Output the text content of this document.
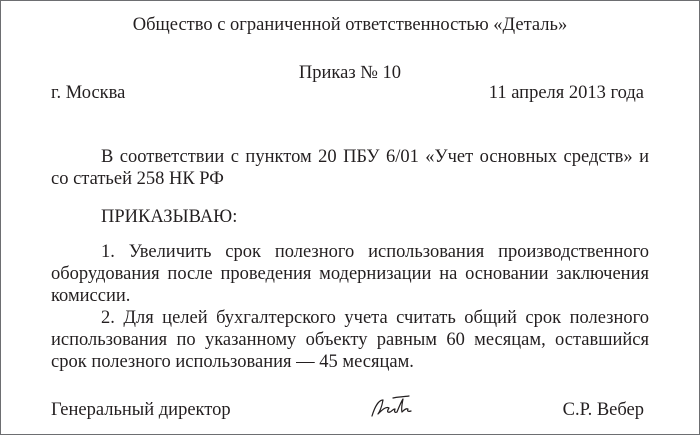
Общество с ограниченной ответственностью «Деталь»
Приказ № 10
г. Москва	11 апреля 2013 года

В соответствии с пунктом 20 ПБУ 6/01 «Учет основных средств» и со статьей 258 НК РФ

ПРИКАЗЫВАЮ:

1. Увеличить срок полезного использования производственного оборудования после проведения модернизации на основании заключения комиссии.

2. Для целей бухгалтерского учета считать общий срок полезного использования по указанному объекту равным 60 месяцам, оставшийся срок полезного использования — 45 месяцам.

Генеральный директор	С.Р. Вебер
